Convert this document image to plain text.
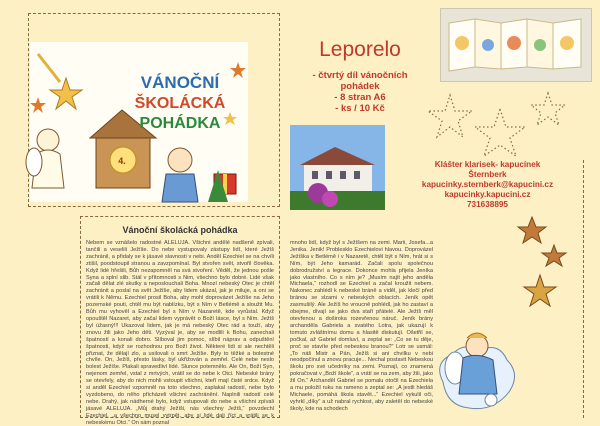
VÁNOČNÍ
ŠKOLÁCKÁ
POHÁDKA
4.
Leporelo
- čtvrtý díl vánočních
pohádek
- 8 stran A6
- ks / 10 Kč
Klášter klarisek- kapucínek
Šternberk
kapucinky.sternberk@kapucini.cz
kapucinky.kapucini.cz
731638895
Vánoční školácká pohádka
Nebem se vznášelo radostné ALELUJA. Všichni andělé nadšeně zpívali, tančili a veselili Ježíše. Do nebe vystupovaly zástupy lidí, které Ježíš zachránil, a přidaly se k jásavé slavnosti v nebi. Anděl Ezechiel se na chvíli ztišil, poodstoupil stranou a zavzpomínal. Byl stvořen svět, stvořil člověka. Když lidé hřešili, Bůh nezapomněl na svá stvoření. Věděl, že jednou pošle Syna a splní slib. Stál v přítomnosti s Nim, všechno bylo dobré. Lidé však začali dělat zlé skutky a neposlouchali Boha. Mnozí nebeský Otec je chtěl zachránit a poslal na svět Ježíše, aby lidem ukázal, jak je miluje, a oni se vrátili k Němu. Ezechiel prosil Boha, aby mohl doprovázet Ježíše na Jeho pozemské pouti, chtěl mu být nablízku, být s Ním v Betlémě a sloužit Mu. Bůh mu vyhověl a Ezechiel byl s Ním v Nazaretě, kde vyrůstal. Když opouštěl Nazaret, aby začal lidem vyprávět o Boží lásce, byl s Ním. Ježíš byl úžasný!!! Ukazoval lidem, jak je má nebeský Otec rád a touží, aby znovu žili jako Jeho děti. Vyzýval je, aby se modlili k Bohu, zanechali špatností a konali dobro. Slíboval jim pomoc, slíbil náprav a odpuštění špatnosti, když se rozhodnou pro Boží život. Některé lidi si ale nechtěli přiznat, že dělají zlo, a usilovali o smrt Ježíše. Byly to těžké a bolestné chvíle. On, Ježíš, přesto lásky, byl ukřižován a zemřel. Celé nebe neslo bolest Ježíše. Plakali spravedliví lidé. Slunce potemnělo. Ale On, Boží Syn, nejenom zemřel, vstal z mrtvých, vrátil se do nebe k Otci. Nebeské brány se otevřely, aby do nich mohli vstoupit všichni, kteří mají čisté srdce. Když si anděl Ezechiel vzpomněl na toto všechno, zaplakal radostí, nebe bylo vyzdobeno, do něho přicházeli všichni zachránění. Naplnili radostí celé nebe. Drahý, jak nádherné bylo, když vstupovali do nebe a všichni zpívali jásavé ALELUJA. „Můj drahý Ježíši, nás všechny Ježíš,“ povzdechl Ezechiel, „a všechno musel vytrpět, aby si lidé dali říct a vrátili se k nebeskému Otci.“ On sám poznal
mnoho lidí, když byl s Ježíšem na zemi. Marii, Josefa...a Jenika. Jenik! Problesklo Ezechielovi hlavou. Doprovázel Ježíška v Betlémě i v Nazaretě, chtěl být s Ním, hrát si s Ním, být Jeho kamarád. Začali spolu společnou dobrodružství a legrace. Dokonce mohla přijela Jeníka jako vlastního. Co s ním je? „Musím najít jeho anděla Michaela,“ rozhodl se Ezechiel a začal kroužit nebem. Nakonec zahlédl k nebeské bráně a viděl, jak klečí před bránou se slzami v nebeských oblacích. Jeník opět zasmušilý. Ale Ježíš ho vroucně pohlédl, jak ho zastaví a obejme, dívají se jako dva staří přátelé. Ale Ježíš měl otevřenou a doširoka rozevřenou náruč. Jeník brány archanděla Gabriela a svatého Lotra, jak ukazují k tomuto zvláštnímu domu a hlasitě diskutují. Ošetřil se, počkal, až Gabriel domluví, a zeptal se: „Co se tu děje, proč se stavíte před nebeskou branou?“ Lotr se usmál: „To náš Mistr a Pán, Ježíš si ani chvilku v nebi neodpočinul a znovu pracuje... Nechal postavit Nebeskou školu pro své učedníky na zemi. Poznají, co znamená pokračovat v „Boží škole“, a vrátí se na zem, aby žili, jako žil On.“ Archanděl Gabriel se pomalu otočil na Ezechiela a mu položil ruku na rameno a zeptal se: „A jestli hledáš Michaele, pomáhá škola stavět...“ Ezechiel vykulil oči, vyhrkl „díky“ a už nabral rychlost, aby zaletěl do nebeské školy, kde na schodech
